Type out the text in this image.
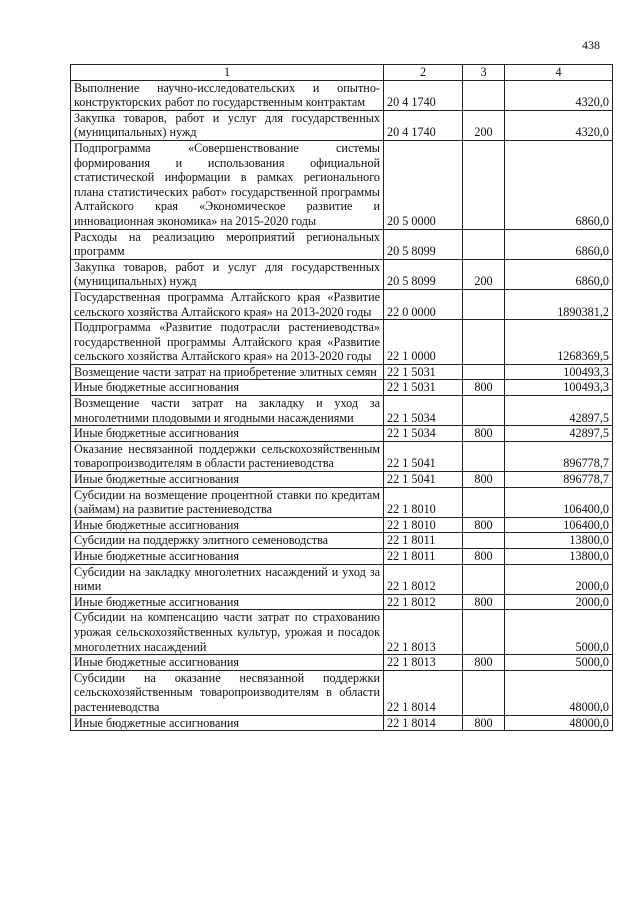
438
1	2	3	4
Выполнение научно-исследовательских и опытно-конструкторских работ по государственным контрактам	20 4 1740		4320,0
Закупка товаров, работ и услуг для государственных (муниципальных) нужд	20 4 1740	200	4320,0
Подпрограмма «Совершенствование системы формирования и использования официальной статистической информации в рамках регионального плана статистических работ» государственной программы Алтайского края «Экономическое развитие и инновационная экономика» на 2015-2020 годы	20 5 0000		6860,0
Расходы на реализацию мероприятий региональных программ	20 5 8099		6860,0
Закупка товаров, работ и услуг для государственных (муниципальных) нужд	20 5 8099	200	6860,0
Государственная программа Алтайского края «Развитие сельского хозяйства Алтайского края» на 2013-2020 годы	22 0 0000		1890381,2
Подпрограмма «Развитие подотрасли растениеводства» государственной программы Алтайского края «Развитие сельского хозяйства Алтайского края» на 2013-2020 годы	22 1 0000		1268369,5
Возмещение части затрат на приобретение элитных семян	22 1 5031		100493,3
Иные бюджетные ассигнования	22 1 5031	800	100493,3
Возмещение части затрат на закладку и уход за многолетними плодовыми и ягодными насаждениями	22 1 5034		42897,5
Иные бюджетные ассигнования	22 1 5034	800	42897,5
Оказание несвязанной поддержки сельскохозяйственным товаропроизводителям в области растениеводства	22 1 5041		896778,7
Иные бюджетные ассигнования	22 1 5041	800	896778,7
Субсидии на возмещение процентной ставки по кредитам (займам) на развитие растениеводства	22 1 8010		106400,0
Иные бюджетные ассигнования	22 1 8010	800	106400,0
Субсидии на поддержку элитного семеноводства	22 1 8011		13800,0
Иные бюджетные ассигнования	22 1 8011	800	13800,0
Субсидии на закладку многолетних насаждений и уход за ними	22 1 8012		2000,0
Иные бюджетные ассигнования	22 1 8012	800	2000,0
Субсидии на компенсацию части затрат по страхованию урожая сельскохозяйственных культур, урожая и посадок многолетних насаждений	22 1 8013		5000,0
Иные бюджетные ассигнования	22 1 8013	800	5000,0
Субсидии на оказание несвязанной поддержки сельскохозяйственным товаропроизводителям в области растениеводства	22 1 8014		48000,0
Иные бюджетные ассигнования	22 1 8014	800	48000,0
